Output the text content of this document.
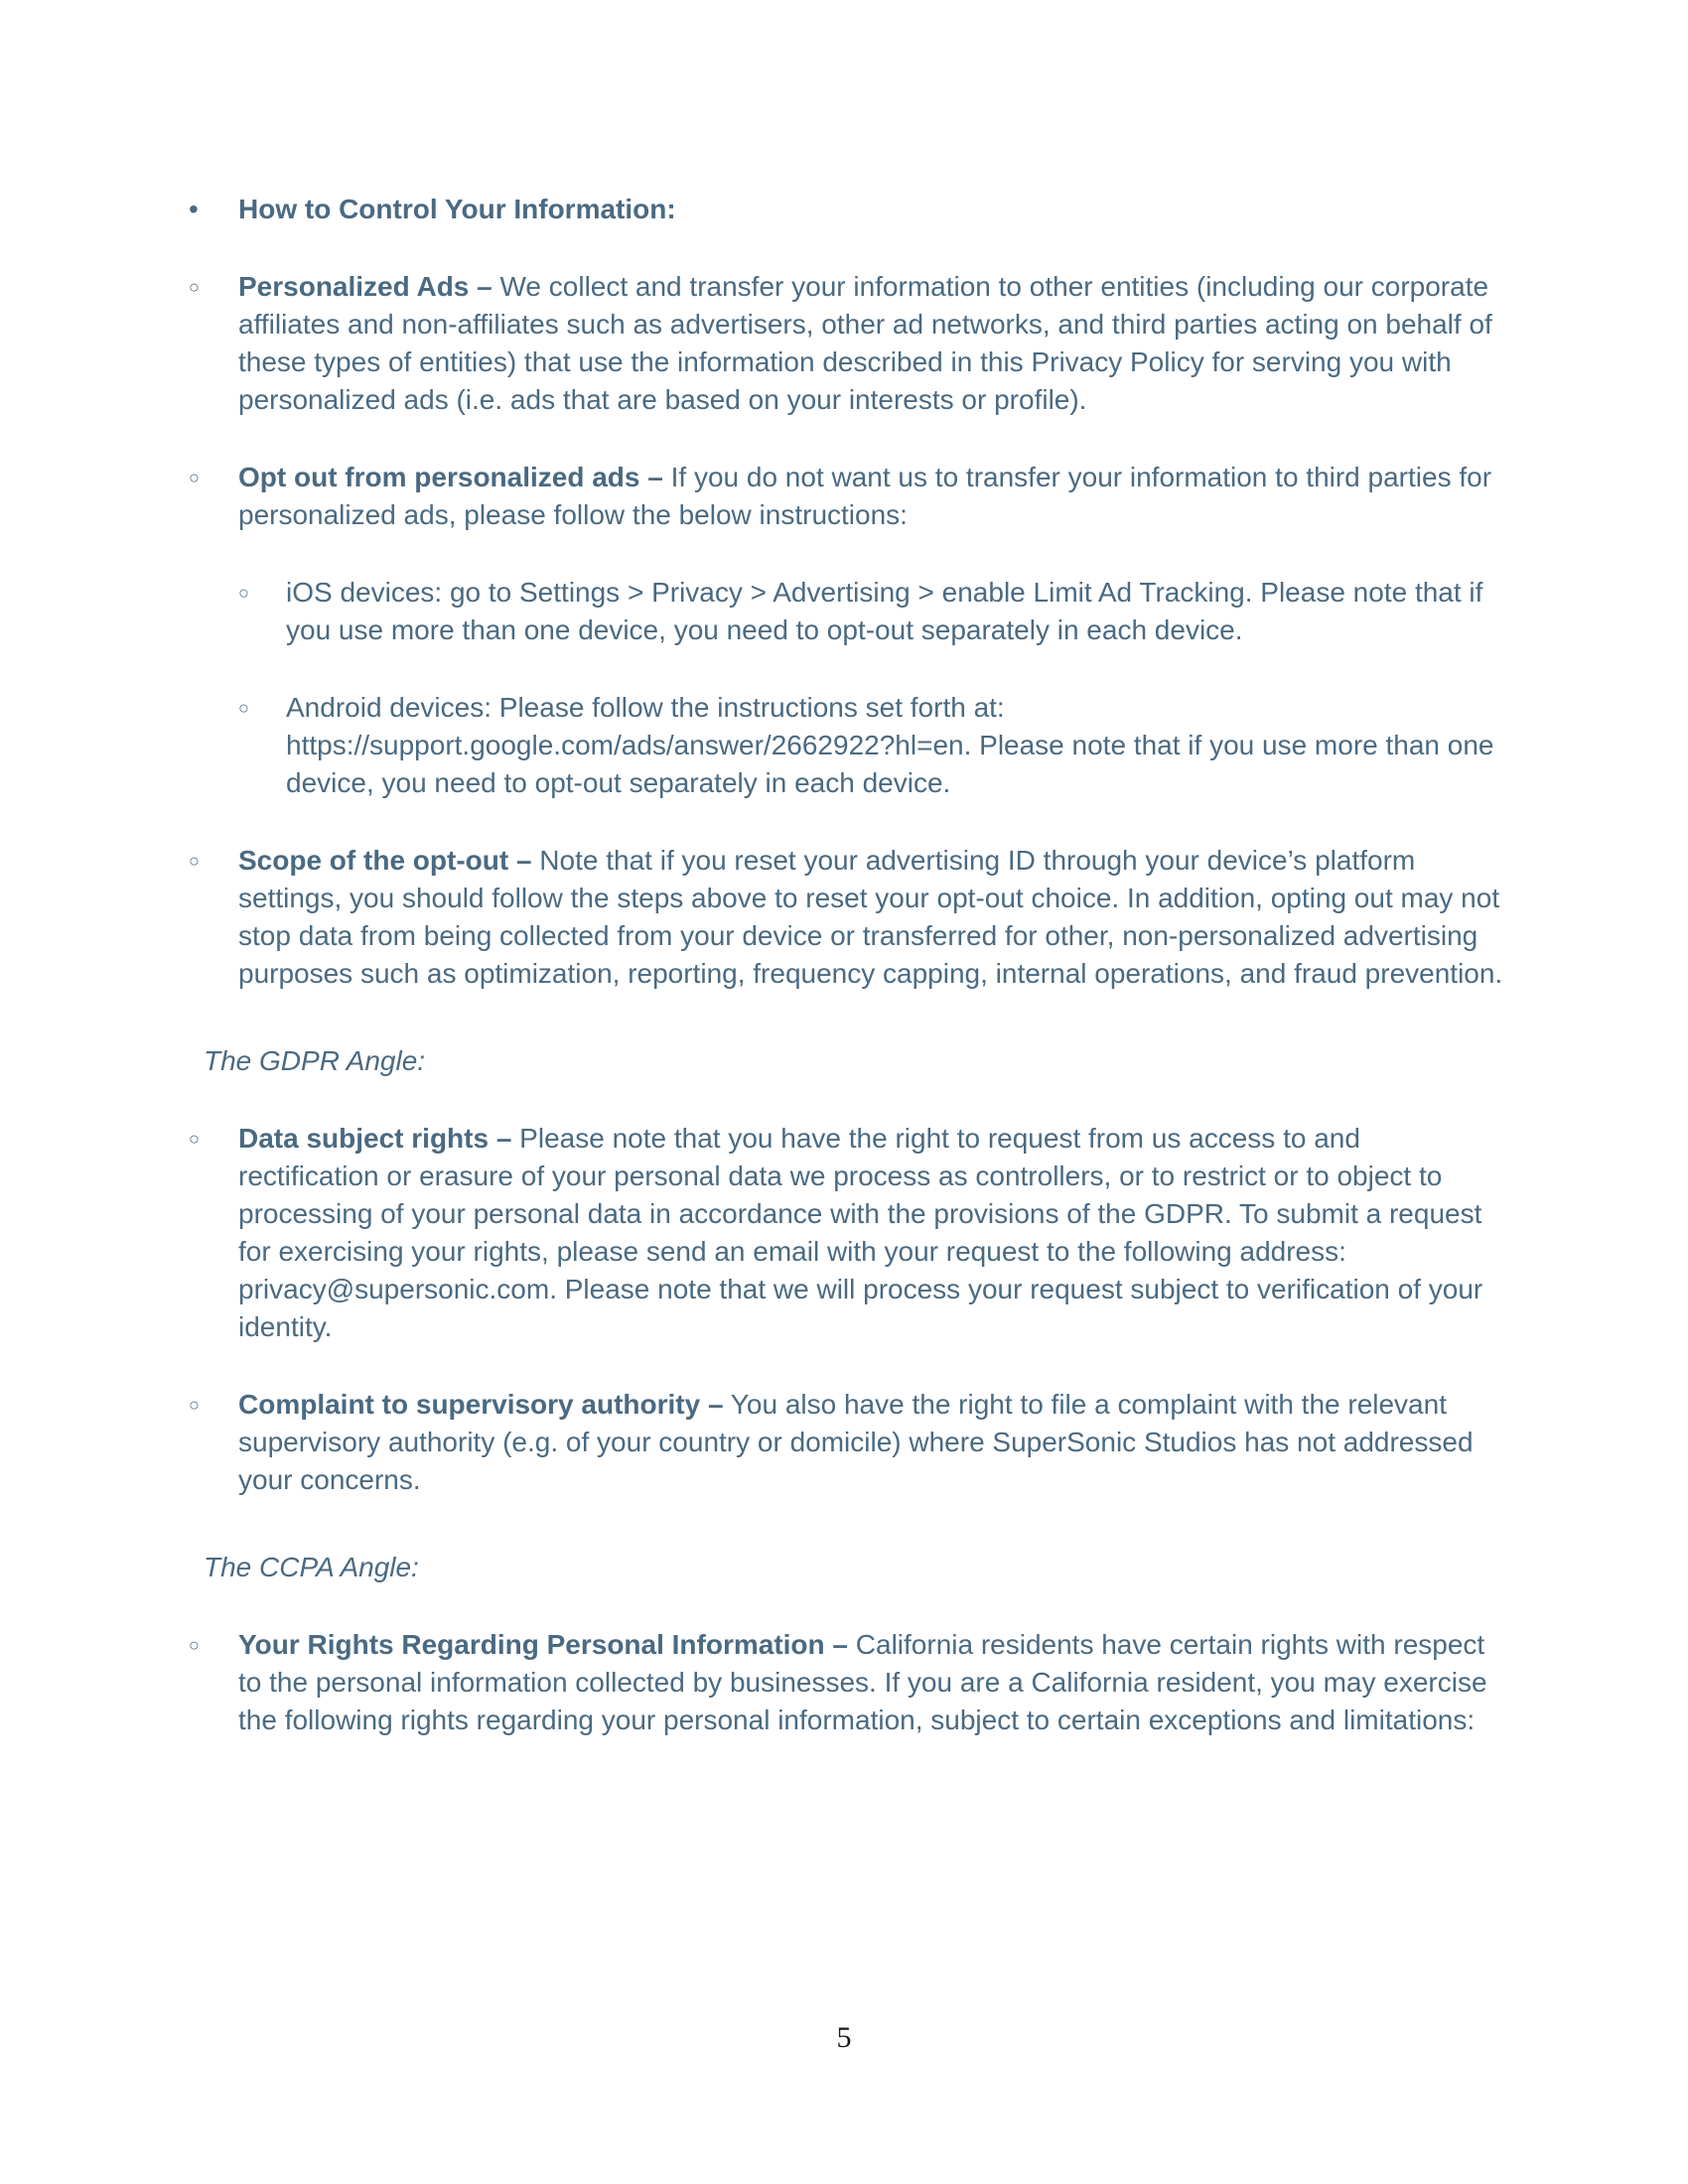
•	How to Control Your Information:
○	Personalized Ads – We collect and transfer your information to other entities (including our corporate affiliates and non-affiliates such as advertisers, other ad networks, and third parties acting on behalf of these types of entities) that use the information described in this Privacy Policy for serving you with personalized ads (i.e. ads that are based on your interests or profile).
○	Opt out from personalized ads – If you do not want us to transfer your information to third parties for personalized ads, please follow the below instructions:
○	iOS devices: go to Settings > Privacy > Advertising > enable Limit Ad Tracking. Please note that if you use more than one device, you need to opt-out separately in each device.
○	Android devices: Please follow the instructions set forth at: https://support.google.com/ads/answer/2662922?hl=en. Please note that if you use more than one device, you need to opt-out separately in each device.
○	Scope of the opt-out – Note that if you reset your advertising ID through your device’s platform settings, you should follow the steps above to reset your opt-out choice. In addition, opting out may not stop data from being collected from your device or transferred for other, non-personalized advertising purposes such as optimization, reporting, frequency capping, internal operations, and fraud prevention.
The GDPR Angle:
○	Data subject rights – Please note that you have the right to request from us access to and rectification or erasure of your personal data we process as controllers, or to restrict or to object to processing of your personal data in accordance with the provisions of the GDPR. To submit a request for exercising your rights, please send an email with your request to the following address: privacy@supersonic.com. Please note that we will process your request subject to verification of your identity.
○	Complaint to supervisory authority – You also have the right to file a complaint with the relevant supervisory authority (e.g. of your country or domicile) where SuperSonic Studios has not addressed your concerns.
The CCPA Angle:
○	Your Rights Regarding Personal Information – California residents have certain rights with respect to the personal information collected by businesses. If you are a California resident, you may exercise the following rights regarding your personal information, subject to certain exceptions and limitations:
5
